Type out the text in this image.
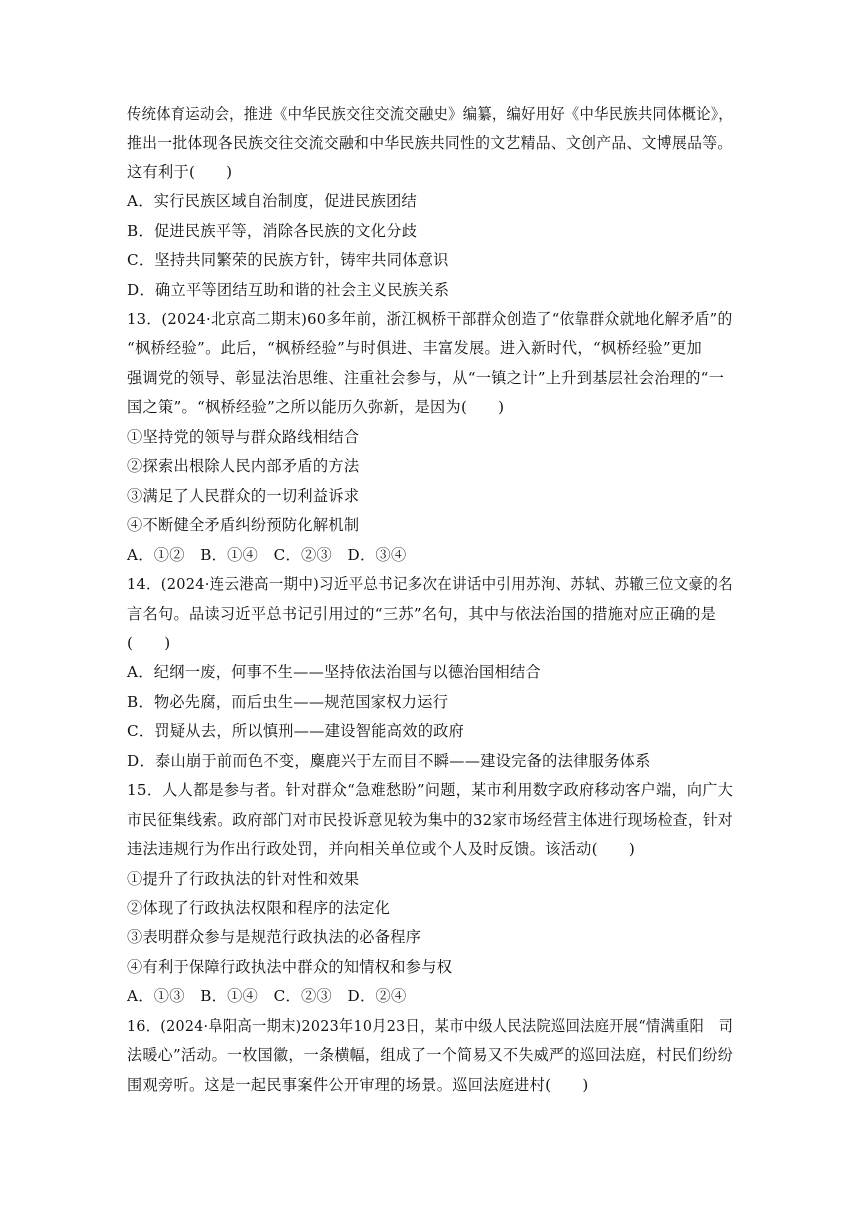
传统体育运动会，推进《中华民族交往交流交融史》编纂，编好用好《中华民族共同体概论》，
推出一批体现各民族交往交流交融和中华民族共同性的文艺精品、文创产品、文博展品等。
这有利于(　　)
A．实行民族区域自治制度，促进民族团结
B．促进民族平等，消除各民族的文化分歧
C．坚持共同繁荣的民族方针，铸牢共同体意识
D．确立平等团结互助和谐的社会主义民族关系
13．(2024·北京高二期末)60多年前，浙江枫桥干部群众创造了“依靠群众就地化解矛盾”的
“枫桥经验”。此后，“枫桥经验”与时俱进、丰富发展。进入新时代，“枫桥经验”更加
强调党的领导、彰显法治思维、注重社会参与，从“一镇之计”上升到基层社会治理的“一
国之策”。“枫桥经验”之所以能历久弥新，是因为(　　)
①坚持党的领导与群众路线相结合
②探索出根除人民内部矛盾的方法
③满足了人民群众的一切利益诉求
④不断健全矛盾纠纷预防化解机制
A．①②　B．①④　C．②③　D．③④
14．(2024·连云港高一期中)习近平总书记多次在讲话中引用苏洵、苏轼、苏辙三位文豪的名
言名句。品读习近平总书记引用过的“三苏”名句，其中与依法治国的措施对应正确的是
(　　)
A．纪纲一废，何事不生——坚持依法治国与以德治国相结合
B．物必先腐，而后虫生——规范国家权力运行
C．罚疑从去，所以慎刑——建设智能高效的政府
D．泰山崩于前而色不变，麋鹿兴于左而目不瞬——建设完备的法律服务体系
15．人人都是参与者。针对群众“急难愁盼”问题，某市利用数字政府移动客户端，向广大
市民征集线索。政府部门对市民投诉意见较为集中的32家市场经营主体进行现场检查，针对
违法违规行为作出行政处罚，并向相关单位或个人及时反馈。该活动(　　)
①提升了行政执法的针对性和效果
②体现了行政执法权限和程序的法定化
③表明群众参与是规范行政执法的必备程序
④有利于保障行政执法中群众的知情权和参与权
A．①③　B．①④　C．②③　D．②④
16．(2024·阜阳高一期末)2023年10月23日，某市中级人民法院巡回法庭开展“情满重阳　司
法暖心”活动。一枚国徽，一条横幅，组成了一个简易又不失威严的巡回法庭，村民们纷纷
围观旁听。这是一起民事案件公开审理的场景。巡回法庭进村(　　)
